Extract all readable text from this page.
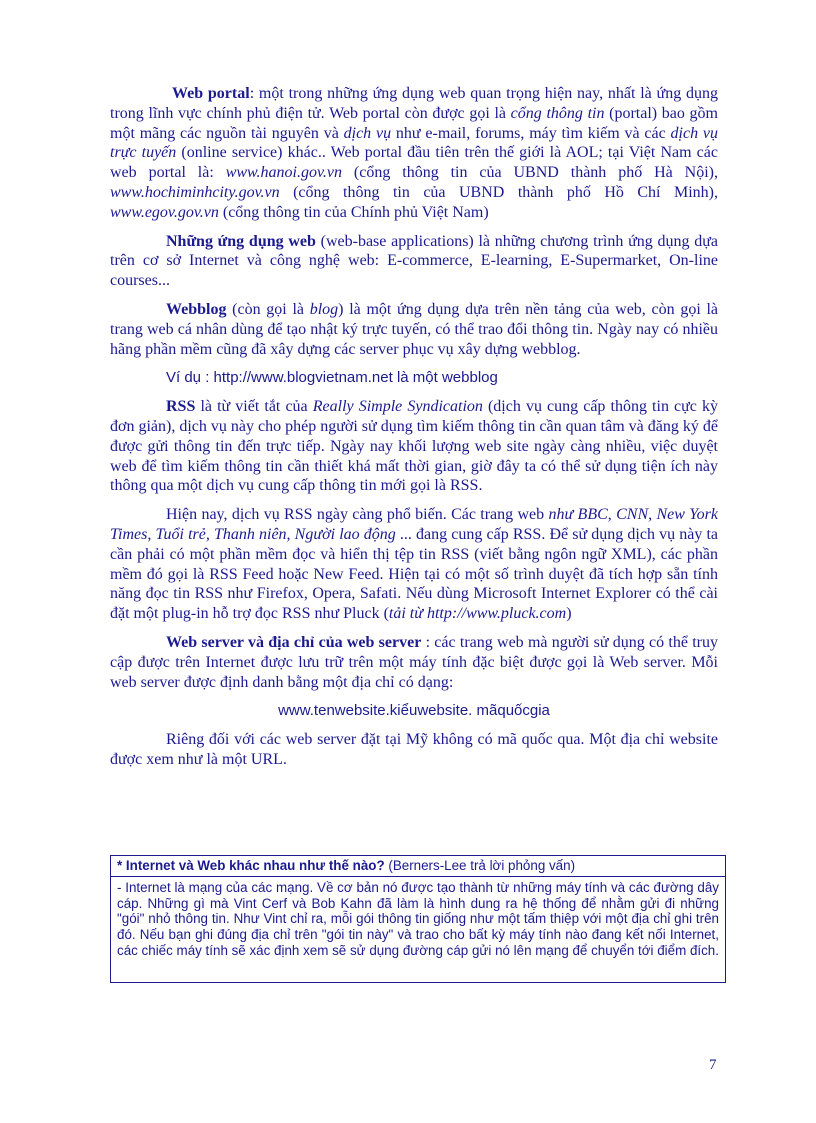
Web portal: một trong những ứng dụng web quan trọng hiện nay, nhất là ứng dụng trong lĩnh vực chính phủ điện tử. Web portal còn được gọi là cổng thông tin (portal) bao gồm một mãng các nguồn tài nguyên và dịch vụ như e-mail, forums, máy tìm kiếm và các dịch vụ trực tuyến (online service) khác.. Web portal đầu tiên trên thế giới là AOL; tại Việt Nam các web portal là: www.hanoi.gov.vn (cổng thông tin của UBND thành phố Hà Nội), www.hochiminhcity.gov.vn (cổng thông tin của UBND thành phố Hồ Chí Minh), www.egov.gov.vn (cổng thông tin của Chính phủ Việt Nam)

Những ứng dụng web (web-base applications) là những chương trình ứng dụng dựa trên cơ sở Internet và công nghệ web: E-commerce, E-learning, E-Supermarket, On-line courses...

Webblog (còn gọi là blog) là một ứng dụng dựa trên nền tảng của web, còn gọi là trang web cá nhân dùng để tạo nhật ký trực tuyến, có thể trao đổi thông tin. Ngày nay có nhiều hãng phần mềm cũng đã xây dựng các server phục vụ xây dựng webblog.

Ví dụ : http://www.blogvietnam.net là một webblog

RSS là từ viết tắt của Really Simple Syndication (dịch vụ cung cấp thông tin cực kỳ đơn giản), dịch vụ này cho phép người sử dụng tìm kiếm thông tin cần quan tâm và đăng ký để được gửi thông tin đến trực tiếp. Ngày nay khối lượng web site ngày càng nhiều, việc duyệt web để tìm kiếm thông tin cần thiết khá mất thời gian, giờ đây ta có thể sử dụng tiện ích này thông qua một dịch vụ cung cấp thông tin mới gọi là RSS.

Hiện nay, dịch vụ RSS ngày càng phổ biến. Các trang web như BBC, CNN, New York Times, Tuổi trẻ, Thanh niên, Người lao động ... đang cung cấp RSS. Để sử dụng dịch vụ này ta cần phải có một phần mềm đọc và hiển thị tệp tin RSS (viết bằng ngôn ngữ XML), các phần mềm đó gọi là RSS Feed hoặc New Feed. Hiện tại có một số trình duyệt đã tích hợp sẵn tính năng đọc tin RSS như Firefox, Opera, Safati. Nếu dùng Microsoft Internet Explorer có thể cài đặt một plug-in hỗ trợ đọc RSS như Pluck (tải từ http://www.pluck.com)

Web server và địa chỉ của web server : các trang web mà người sử dụng có thể truy cập được trên Internet được lưu trữ trên một máy tính đặc biệt được gọi là Web server. Mỗi web server được định danh bằng một địa chỉ có dạng:

www.tenwebsite.kiểuwebsite. mãquốcgia

Riêng đối với các web server đặt tại Mỹ không có mã quốc qua. Một địa chỉ website được xem như là một URL.

* Internet và Web khác nhau như thế nào? (Berners-Lee trả lời phỏng vấn)
- Internet là mạng của các mạng. Về cơ bản nó được tạo thành từ những máy tính và các đường dây cáp. Những gì mà Vint Cerf và Bob Kahn đã làm là hình dung ra hệ thống để nhằm gửi đi những "gói" nhỏ thông tin. Như Vint chỉ ra, mỗi gói thông tin giống như một tấm thiệp với một địa chỉ ghi trên đó. Nếu bạn ghi đúng địa chỉ trên "gói tin này" và trao cho bất kỳ máy tính nào đang kết nối Internet, các chiếc máy tính sẽ xác định xem sẽ sử dụng đường cáp gửi nó lên mạng để chuyển tới điểm đích.
7
